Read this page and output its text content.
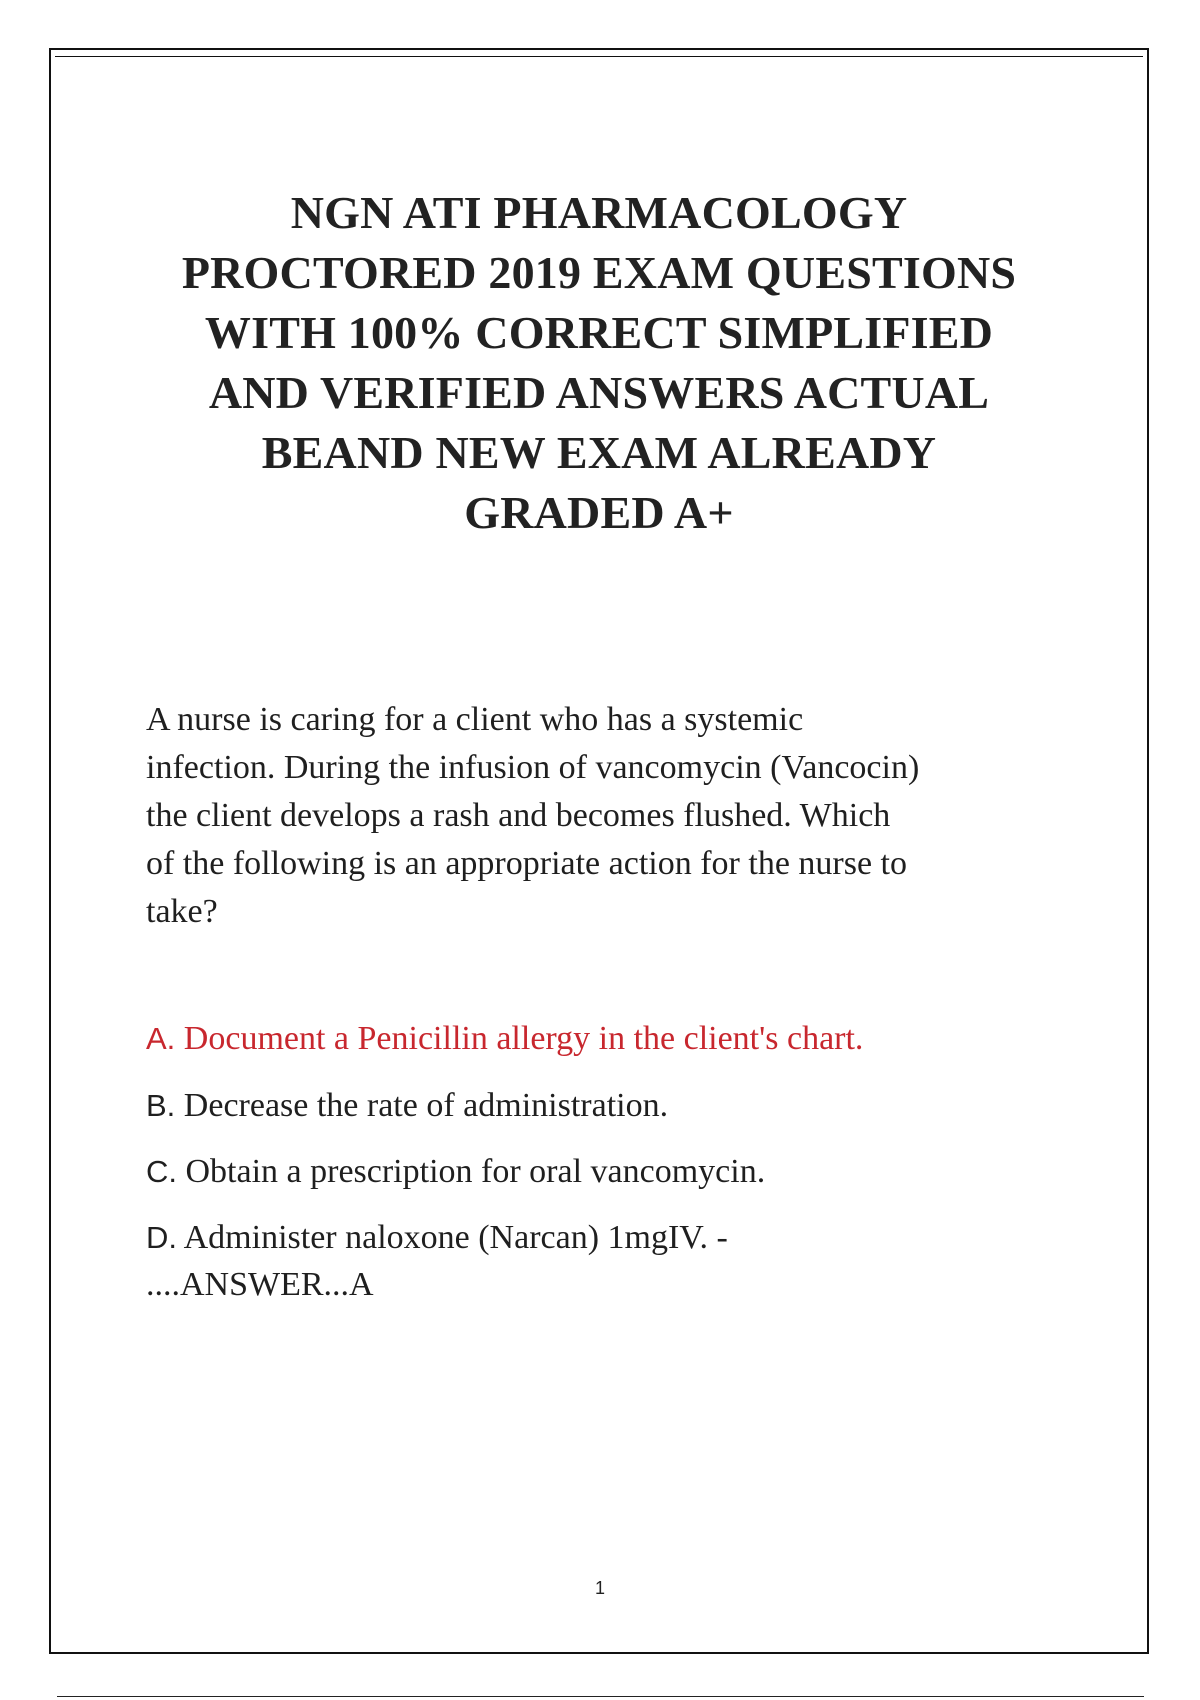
NGN ATI PHARMACOLOGY
PROCTORED 2019 EXAM QUESTIONS
WITH 100% CORRECT SIMPLIFIED
AND VERIFIED ANSWERS ACTUAL
BEAND NEW EXAM ALREADY
GRADED A+

A nurse is caring for a client who has a systemic
infection. During the infusion of vancomycin (Vancocin)
the client develops a rash and becomes flushed. Which
of the following is an appropriate action for the nurse to
take?

A. Document a Penicillin allergy in the client's chart.

B. Decrease the rate of administration.

C. Obtain a prescription for oral vancomycin.

D. Administer naloxone (Narcan) 1mgIV. -

....ANSWER...A

1
